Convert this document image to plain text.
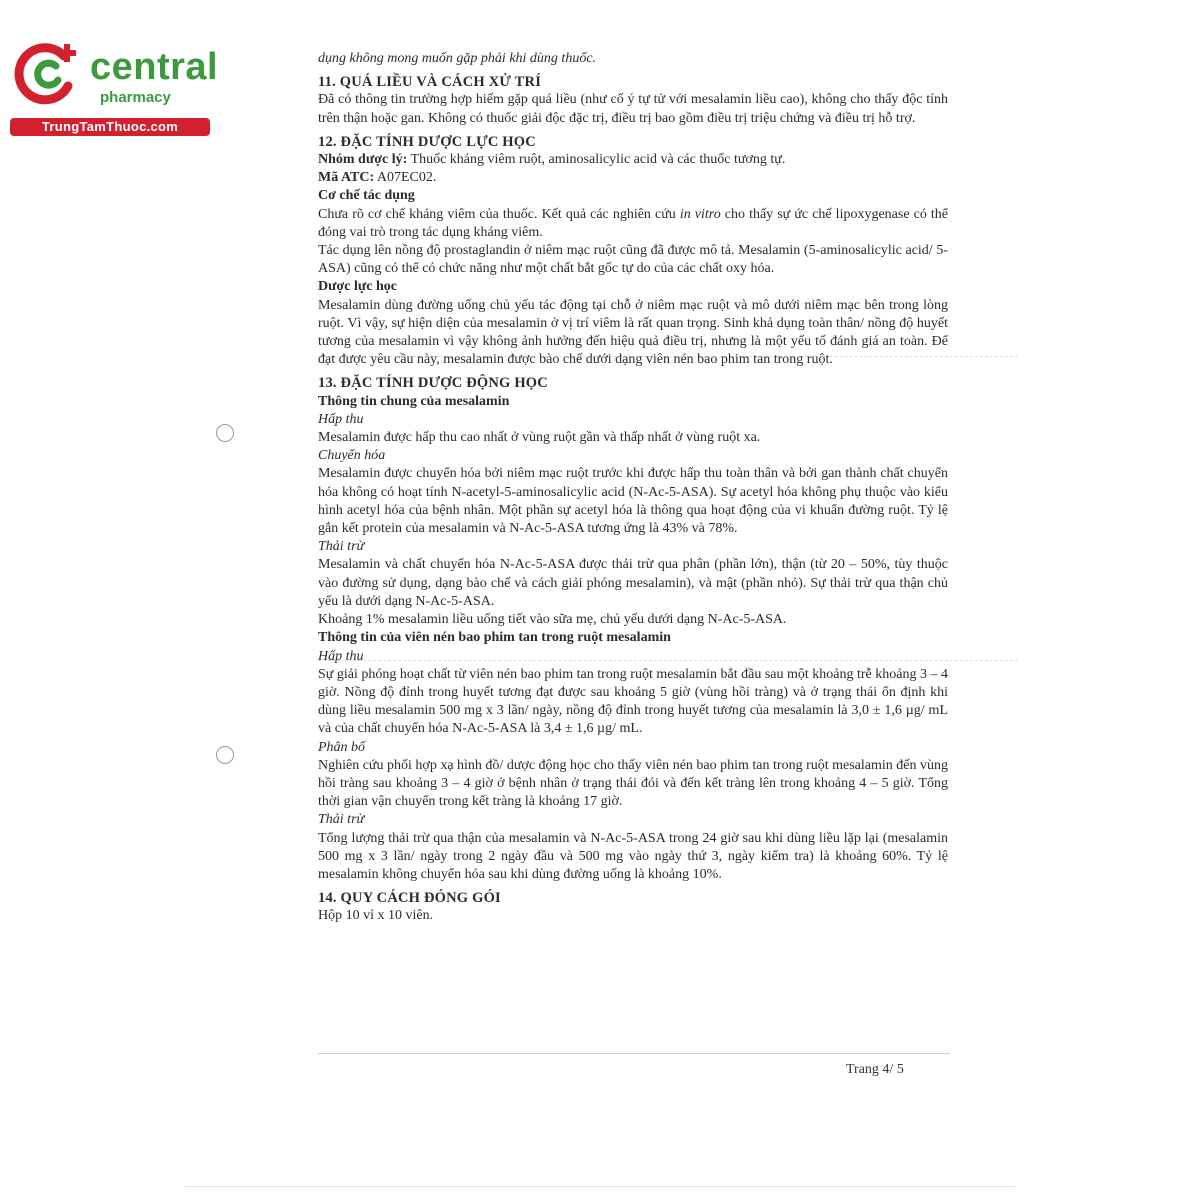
central
pharmacy
TrungTamThuoc.com

dụng không mong muốn gặp phải khi dùng thuốc.

11. QUÁ LIỀU VÀ CÁCH XỬ TRÍ

Đã có thông tin trường hợp hiếm gặp quá liều (như cố ý tự tử với mesalamin liều cao), không cho thấy độc tính trên thận hoặc gan. Không có thuốc giải độc đặc trị, điều trị bao gồm điều trị triệu chứng và điều trị hỗ trợ.

12. ĐẶC TÍNH DƯỢC LỰC HỌC

Nhóm dược lý: Thuốc kháng viêm ruột, aminosalicylic acid và các thuốc tương tự.

Mã ATC: A07EC02.

Cơ chế tác dụng

Chưa rõ cơ chế kháng viêm của thuốc. Kết quả các nghiên cứu in vitro cho thấy sự ức chế lipoxygenase có thể đóng vai trò trong tác dụng kháng viêm.

Tác dụng lên nồng độ prostaglandin ở niêm mạc ruột cũng đã được mô tả. Mesalamin (5-aminosalicylic acid/ 5-ASA) cũng có thể có chức năng như một chất bắt gốc tự do của các chất oxy hóa.

Dược lực học

Mesalamin dùng đường uống chủ yếu tác động tại chỗ ở niêm mạc ruột và mô dưới niêm mạc bên trong lòng ruột. Vì vậy, sự hiện diện của mesalamin ở vị trí viêm là rất quan trọng. Sinh khả dụng toàn thân/ nồng độ huyết tương của mesalamin vì vậy không ảnh hưởng đến hiệu quả điều trị, nhưng là một yếu tố đánh giá an toàn. Để đạt được yêu cầu này, mesalamin được bào chế dưới dạng viên nén bao phim tan trong ruột.

13. ĐẶC TÍNH DƯỢC ĐỘNG HỌC

Thông tin chung của mesalamin

Hấp thu

Mesalamin được hấp thu cao nhất ở vùng ruột gần và thấp nhất ở vùng ruột xa.

Chuyển hóa

Mesalamin được chuyển hóa bởi niêm mạc ruột trước khi được hấp thu toàn thân và bởi gan thành chất chuyển hóa không có hoạt tính N-acetyl-5-aminosalicylic acid (N-Ac-5-ASA). Sự acetyl hóa không phụ thuộc vào kiểu hình acetyl hóa của bệnh nhân. Một phần sự acetyl hóa là thông qua hoạt động của vi khuẩn đường ruột. Tỷ lệ gắn kết protein của mesalamin và N-Ac-5-ASA tương ứng là 43% và 78%.

Thải trừ

Mesalamin và chất chuyển hóa N-Ac-5-ASA được thải trừ qua phân (phần lớn), thận (từ 20 – 50%, tùy thuộc vào đường sử dụng, dạng bào chế và cách giải phóng mesalamin), và mật (phần nhỏ). Sự thải trừ qua thận chủ yếu là dưới dạng N-Ac-5-ASA.

Khoảng 1% mesalamin liều uống tiết vào sữa mẹ, chủ yếu dưới dạng N-Ac-5-ASA.

Thông tin của viên nén bao phim tan trong ruột mesalamin

Hấp thu

Sự giải phóng hoạt chất từ viên nén bao phim tan trong ruột mesalamin bắt đầu sau một khoảng trễ khoảng 3 – 4 giờ. Nồng độ đỉnh trong huyết tương đạt được sau khoảng 5 giờ (vùng hồi tràng) và ở trạng thái ổn định khi dùng liều mesalamin 500 mg x 3 lần/ ngày, nồng độ đỉnh trong huyết tương của mesalamin là 3,0 ± 1,6 µg/ mL và của chất chuyển hóa N-Ac-5-ASA là 3,4 ± 1,6 µg/ mL.

Phân bố

Nghiên cứu phối hợp xạ hình đồ/ dược động học cho thấy viên nén bao phim tan trong ruột mesalamin đến vùng hồi tràng sau khoảng 3 – 4 giờ ở bệnh nhân ở trạng thái đói và đến kết tràng lên trong khoảng 4 – 5 giờ. Tổng thời gian vận chuyển trong kết tràng là khoảng 17 giờ.

Thải trừ

Tổng lượng thải trừ qua thận của mesalamin và N-Ac-5-ASA trong 24 giờ sau khi dùng liều lặp lại (mesalamin 500 mg x 3 lần/ ngày trong 2 ngày đầu và 500 mg vào ngày thứ 3, ngày kiểm tra) là khoảng 60%. Tỷ lệ mesalamin không chuyển hóa sau khi dùng đường uống là khoảng 10%.

14. QUY CÁCH ĐÓNG GÓI

Hộp 10 vỉ x 10 viên.

Trang 4/ 5
